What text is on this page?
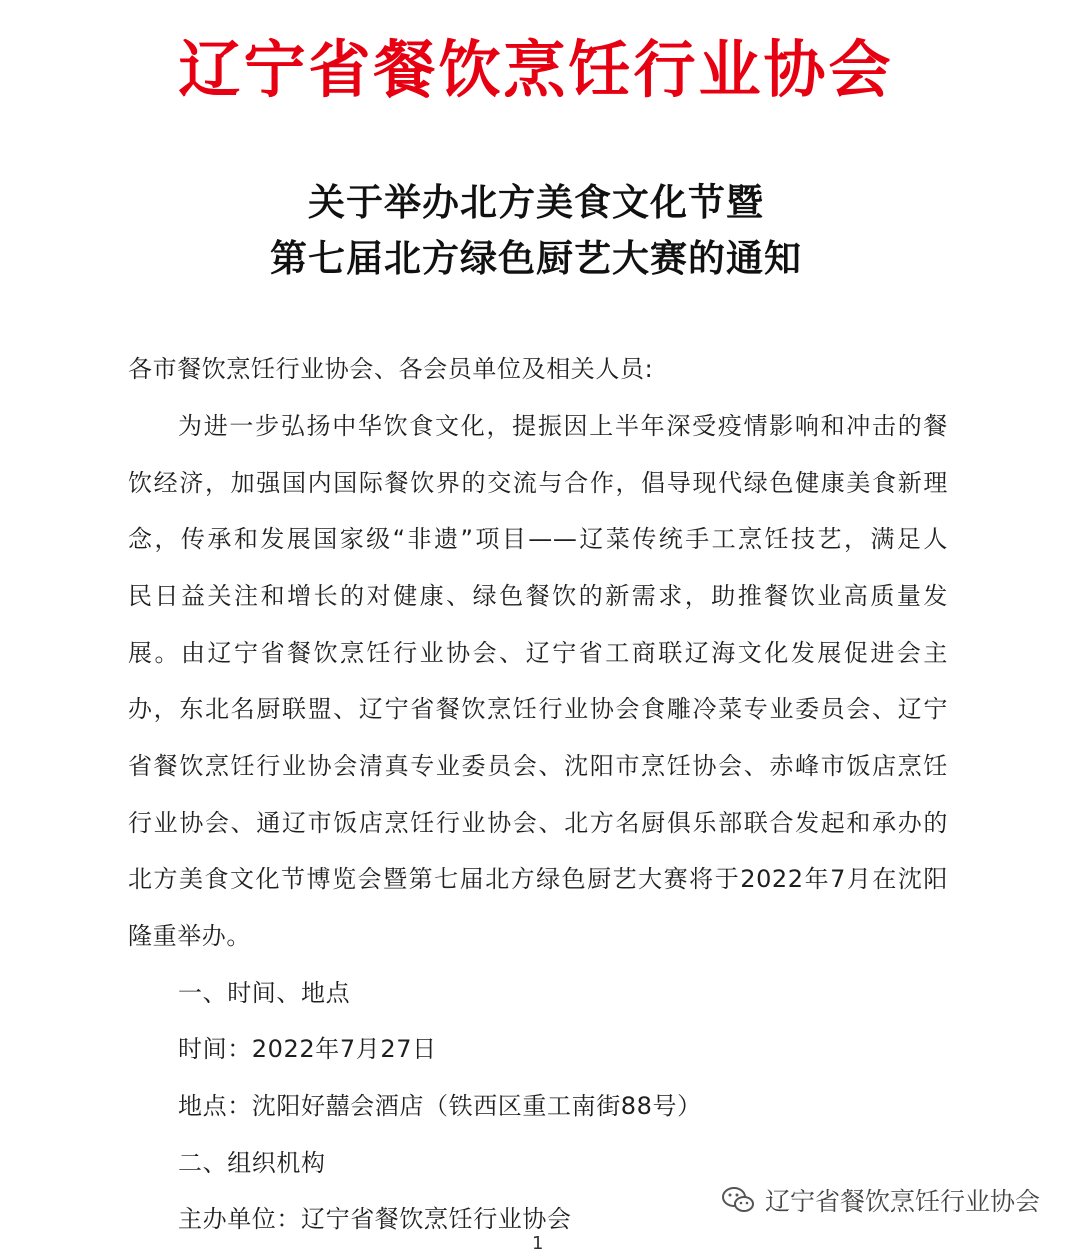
辽宁省餐饮烹饪行业协会
关于举办北方美食文化节暨
第七届北方绿色厨艺大赛的通知
各市餐饮烹饪行业协会、各会员单位及相关人员:
为进一步弘扬中华饮食文化，提振因上半年深受疫情影响和冲击的餐
饮经济，加强国内国际餐饮界的交流与合作，倡导现代绿色健康美食新理
念，传承和发展国家级“非遗”项目——辽菜传统手工烹饪技艺，满足人
民日益关注和增长的对健康、绿色餐饮的新需求，助推餐饮业高质量发
展。由辽宁省餐饮烹饪行业协会、辽宁省工商联辽海文化发展促进会主
办，东北名厨联盟、辽宁省餐饮烹饪行业协会食雕冷菜专业委员会、辽宁
省餐饮烹饪行业协会清真专业委员会、沈阳市烹饪协会、赤峰市饭店烹饪
行业协会、通辽市饭店烹饪行业协会、北方名厨俱乐部联合发起和承办的
北方美食文化节博览会暨第七届北方绿色厨艺大赛将于2022年7月在沈阳
隆重举办。
一、时间、地点
时间：2022年7月27日
地点：沈阳好囍会酒店（铁西区重工南街88号）
二、组织机构
主办单位：辽宁省餐饮烹饪行业协会
辽宁省餐饮烹饪行业协会
1
